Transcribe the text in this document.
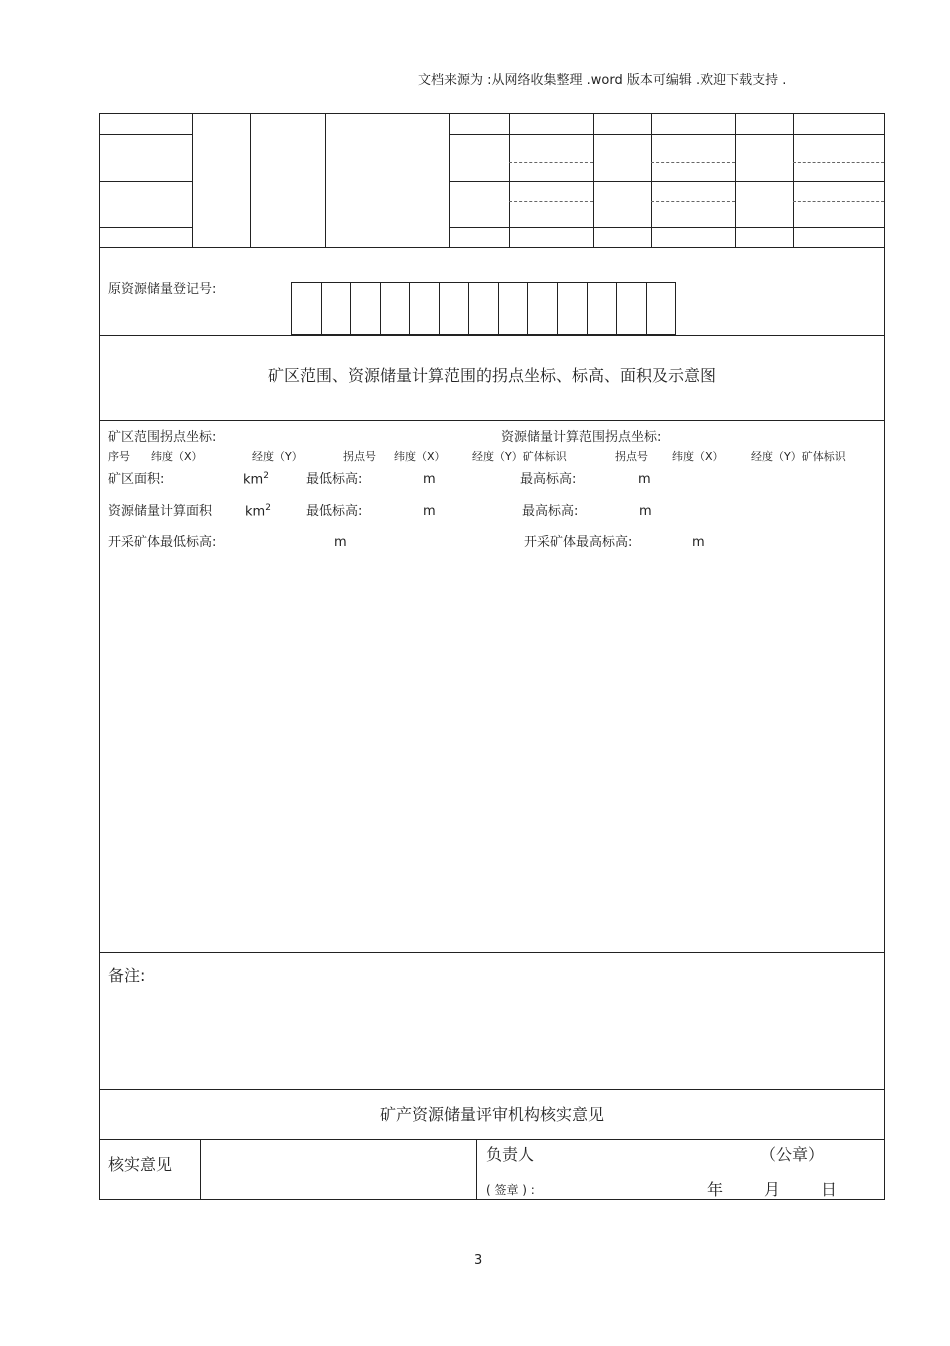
文档来源为 :从网络收集整理 .word 版本可编辑 .欢迎下载支持 .
原资源储量登记号:
矿区范围、资源储量计算范围的拐点坐标、标高、面积及示意图
矿区范围拐点坐标:	资源储量计算范围拐点坐标:
序号 纬度（X）	经度（Y）	拐点号 纬度（X） 经度（Y）矿体标识	拐点号 纬度（X） 经度（Y）矿体标识
矿区面积:	$km^2$	最低标高:	m	最高标高:	m
资源储量计算面积	$km^2$	最低标高:	m	最高标高:	m
开采矿体最低标高:	m	开采矿体最高标高:	m
备注:
矿产资源储量评审机构核实意见
核实意见
负责人	（公章）
( 签章 ) :	年	月	日
3
